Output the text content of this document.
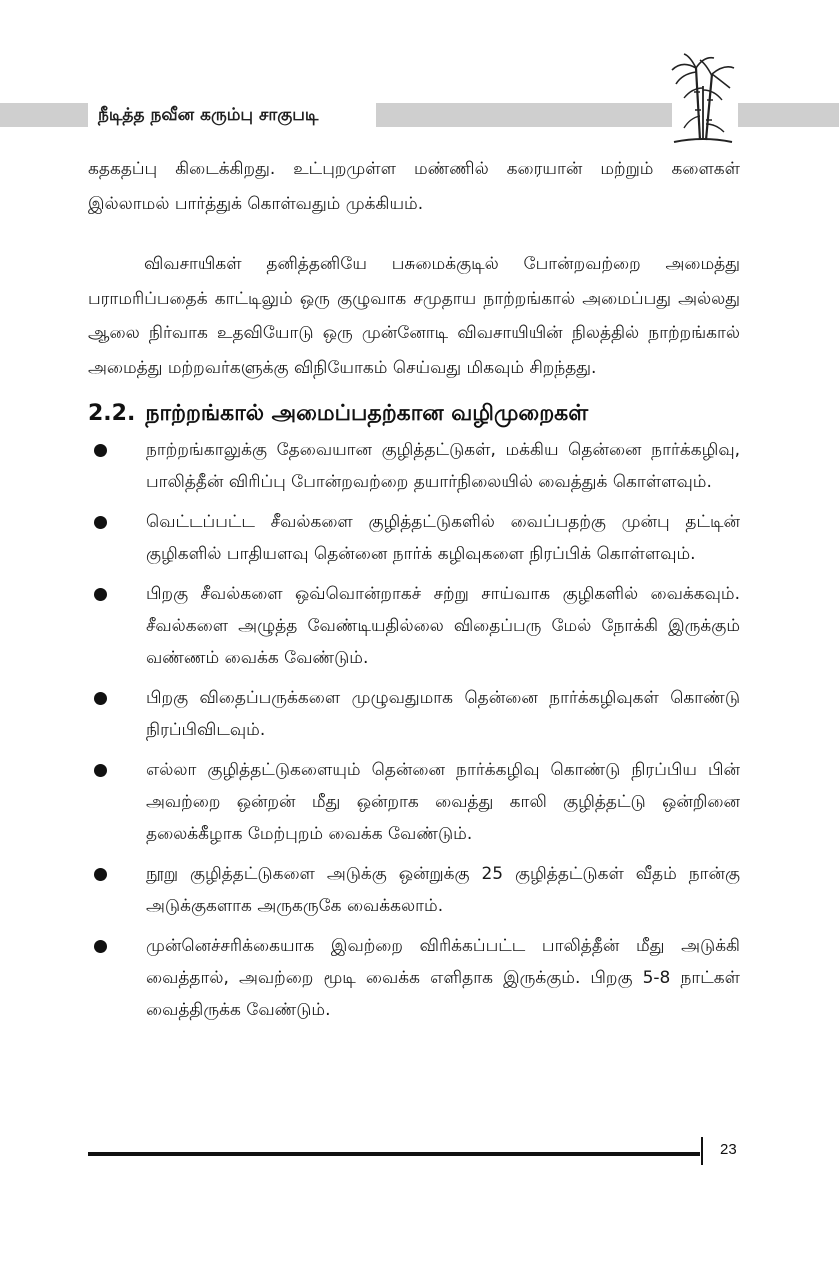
நீடித்த நவீன கரும்பு சாகுபடி

கதகதப்பு கிடைக்கிறது. உட்புறமுள்ள மண்ணில் கரையான் மற்றும் களைகள் இல்லாமல் பார்த்துக் கொள்வதும் முக்கியம்.

விவசாயிகள் தனித்தனியே பசுமைக்குடில் போன்றவற்றை அமைத்து பராமரிப்பதைக் காட்டிலும் ஒரு குழுவாக சமுதாய நாற்றங்கால் அமைப்பது அல்லது ஆலை நிர்வாக உதவியோடு ஒரு முன்னோடி விவசாயியின் நிலத்தில் நாற்றங்கால் அமைத்து மற்றவர்களுக்கு விநியோகம் செய்வது மிகவும் சிறந்தது.

2.2. நாற்றங்கால் அமைப்பதற்கான வழிமுறைகள்
நாற்றங்காலுக்கு தேவையான குழித்தட்டுகள், மக்கிய தென்னை நார்க்கழிவு, பாலித்தீன் விரிப்பு போன்றவற்றை தயார்நிலையில் வைத்துக் கொள்ளவும்.
வெட்டப்பட்ட சீவல்களை குழித்தட்டுகளில் வைப்பதற்கு முன்பு தட்டின் குழிகளில் பாதியளவு தென்னை நார்க் கழிவுகளை நிரப்பிக் கொள்ளவும்.
பிறகு சீவல்களை ஒவ்வொன்றாகச் சற்று சாய்வாக குழிகளில் வைக்கவும். சீவல்களை அழுத்த வேண்டியதில்லை விதைப்பரு மேல் நோக்கி இருக்கும் வண்ணம் வைக்க வேண்டும்.
பிறகு விதைப்பருக்களை முழுவதுமாக தென்னை நார்க்கழிவுகள் கொண்டு நிரப்பிவிடவும்.
எல்லா குழித்தட்டுகளையும் தென்னை நார்க்கழிவு கொண்டு நிரப்பிய பின் அவற்றை ஒன்றன் மீது ஒன்றாக வைத்து காலி குழித்தட்டு ஒன்றினை தலைக்கீழாக மேற்புறம் வைக்க வேண்டும்.
நூறு குழித்தட்டுகளை அடுக்கு ஒன்றுக்கு 25 குழித்தட்டுகள் வீதம் நான்கு அடுக்குகளாக அருகருகே வைக்கலாம்.
முன்னெச்சரிக்கையாக இவற்றை விரிக்கப்பட்ட பாலித்தீன் மீது அடுக்கி வைத்தால், அவற்றை மூடி வைக்க எளிதாக இருக்கும். பிறகு 5-8 நாட்கள் வைத்திருக்க வேண்டும்.
23
